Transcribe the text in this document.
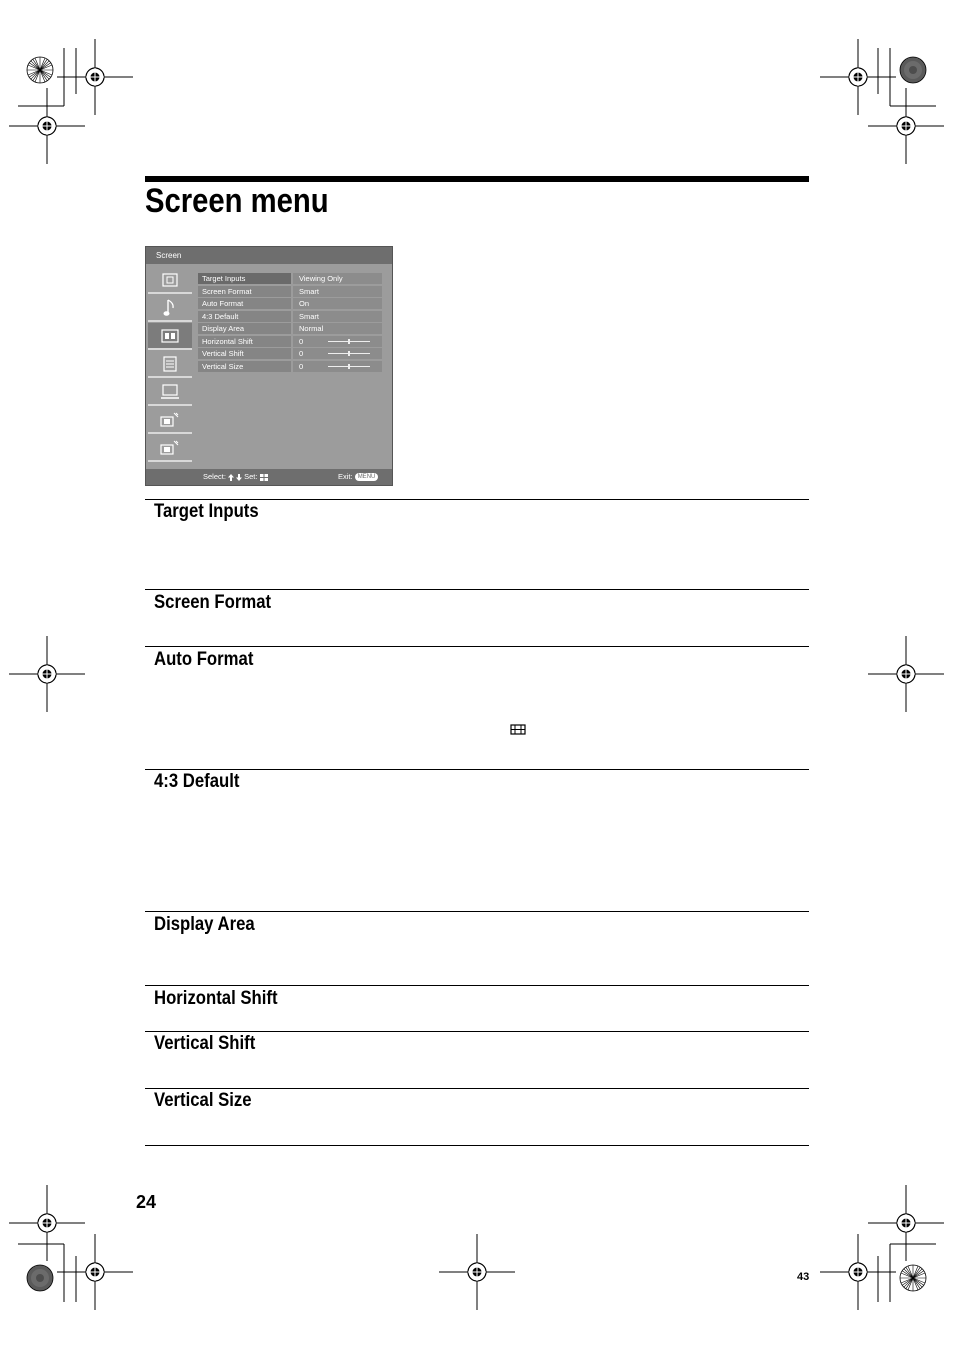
Screen menu
Screen
Target Inputs	Viewing Only
Screen Format	Smart
Auto Format	On
4:3 Default	Smart
Display Area	Normal
Horizontal Shift	0
Vertical Shift	0
Vertical Size	0
Select: Set:	Exit: MENU
Target Inputs
Screen Format
Auto Format
4:3 Default
Display Area
Horizontal Shift
Vertical Shift
Vertical Size
24
43
